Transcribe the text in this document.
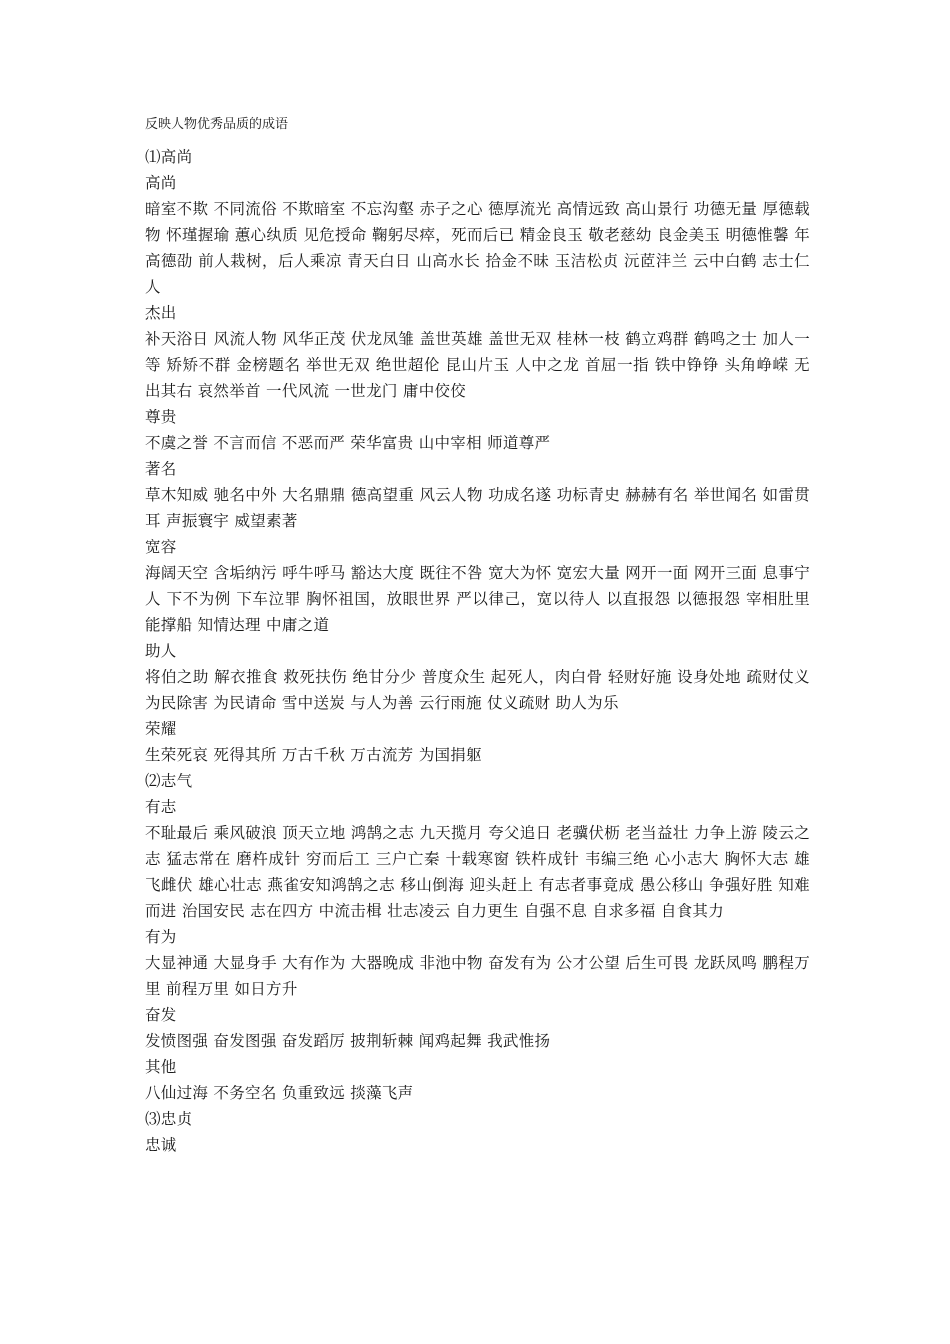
反映人物优秀品质的成语
⑴高尚
高尚
暗室不欺 不同流俗 不欺暗室 不忘沟壑 赤子之心 德厚流光 高情远致 高山景行 功德无量 厚德载物 怀瑾握瑜 蕙心纨质 见危授命 鞠躬尽瘁，死而后已 精金良玉 敬老慈幼 良金美玉 明德惟馨 年高德劭 前人栽树，后人乘凉 青天白日 山高水长 拾金不昧 玉洁松贞 沅茝沣兰 云中白鹤 志士仁人
杰出
补天浴日 风流人物 风华正茂 伏龙凤雏 盖世英雄 盖世无双 桂林一枝 鹤立鸡群 鹤鸣之士 加人一等 矫矫不群 金榜题名 举世无双 绝世超伦 昆山片玉 人中之龙 首屈一指 铁中铮铮 头角峥嵘 无出其右 哀然举首 一代风流 一世龙门 庸中佼佼
尊贵
不虞之誉 不言而信 不恶而严 荣华富贵 山中宰相 师道尊严
著名
草木知威 驰名中外 大名鼎鼎 德高望重 风云人物 功成名遂 功标青史 赫赫有名 举世闻名 如雷贯耳 声振寰宇 威望素著
宽容
海阔天空 含垢纳污 呼牛呼马 豁达大度 既往不咎 宽大为怀 宽宏大量 网开一面 网开三面 息事宁人 下不为例 下车泣罪 胸怀祖国，放眼世界 严以律己，宽以待人 以直报怨 以德报怨 宰相肚里能撑船 知情达理 中庸之道
助人
将伯之助 解衣推食 救死扶伤 绝甘分少 普度众生 起死人，肉白骨 轻财好施 设身处地 疏财仗义 为民除害 为民请命 雪中送炭 与人为善 云行雨施 仗义疏财 助人为乐
荣耀
生荣死哀 死得其所 万古千秋 万古流芳 为国捐躯
⑵志气
有志
不耻最后 乘风破浪 顶天立地 鸿鹄之志 九天揽月 夸父追日 老骥伏枥 老当益壮 力争上游 陵云之志 猛志常在 磨杵成针 穷而后工 三户亡秦 十载寒窗 铁杵成针 韦编三绝 心小志大 胸怀大志 雄飞雌伏 雄心壮志 燕雀安知鸿鹄之志 移山倒海 迎头赶上 有志者事竟成 愚公移山 争强好胜 知难而进 治国安民 志在四方 中流击楫 壮志凌云 自力更生 自强不息 自求多福 自食其力
有为
大显神通 大显身手 大有作为 大器晚成 非池中物 奋发有为 公才公望 后生可畏 龙跃凤鸣 鹏程万里 前程万里 如日方升
奋发
发愤图强 奋发图强 奋发蹈厉 披荆斩棘 闻鸡起舞 我武惟扬
其他
八仙过海 不务空名 负重致远 掞藻飞声
⑶忠贞
忠诚
